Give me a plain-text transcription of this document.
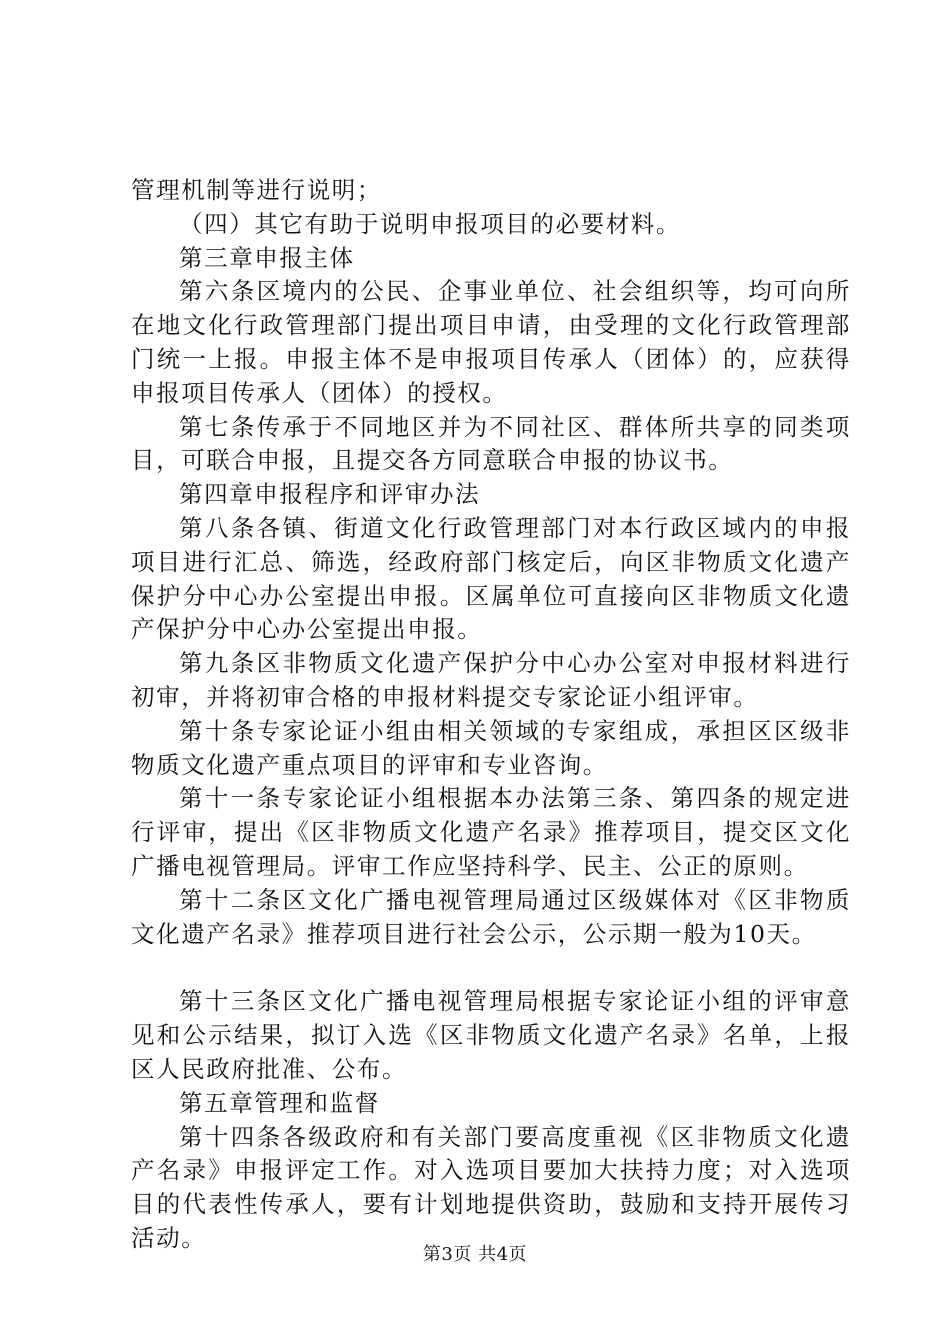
管理机制等进行说明；

（四）其它有助于说明申报项目的必要材料。

第三章申报主体

第六条区境内的公民、企事业单位、社会组织等，均可向所在地文化行政管理部门提出项目申请，由受理的文化行政管理部门统一上报。申报主体不是申报项目传承人（团体）的，应获得申报项目传承人（团体）的授权。

第七条传承于不同地区并为不同社区、群体所共享的同类项目，可联合申报，且提交各方同意联合申报的协议书。

第四章申报程序和评审办法

第八条各镇、街道文化行政管理部门对本行政区域内的申报项目进行汇总、筛选，经政府部门核定后，向区非物质文化遗产保护分中心办公室提出申报。区属单位可直接向区非物质文化遗产保护分中心办公室提出申报。

第九条区非物质文化遗产保护分中心办公室对申报材料进行初审，并将初审合格的申报材料提交专家论证小组评审。

第十条专家论证小组由相关领域的专家组成，承担区区级非物质文化遗产重点项目的评审和专业咨询。

第十一条专家论证小组根据本办法第三条、第四条的规定进行评审，提出《区非物质文化遗产名录》推荐项目，提交区文化广播电视管理局。评审工作应坚持科学、民主、公正的原则。

第十二条区文化广播电视管理局通过区级媒体对《区非物质文化遗产名录》推荐项目进行社会公示，公示期一般为10天。

第十三条区文化广播电视管理局根据专家论证小组的评审意见和公示结果，拟订入选《区非物质文化遗产名录》名单，上报区人民政府批准、公布。

第五章管理和监督

第十四条各级政府和有关部门要高度重视《区非物质文化遗产名录》申报评定工作。对入选项目要加大扶持力度；对入选项目的代表性传承人，要有计划地提供资助，鼓励和支持开展传习活动。

第3页 共4页
